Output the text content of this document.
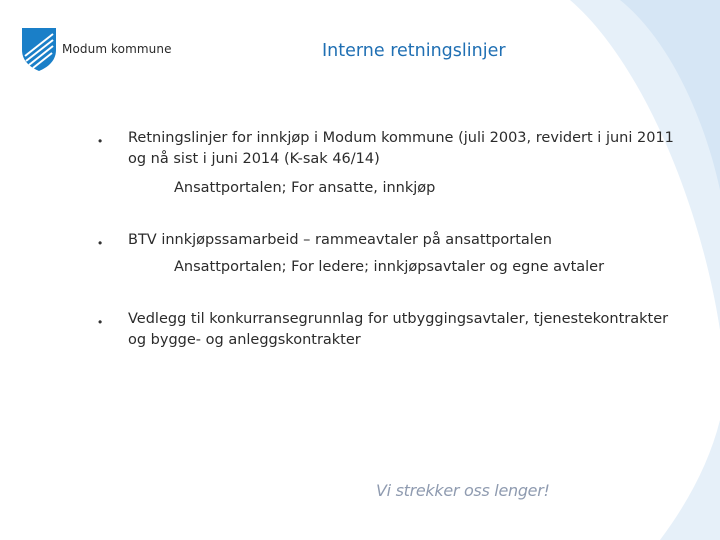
Modum kommune	Interne retningslinjer
• Retningslinjer for innkjøp i Modum kommune (juli 2003, revidert i juni 2011 og nå sist i juni 2014 (K-sak 46/14)
Ansattportalen; For ansatte, innkjøp
• BTV innkjøpssamarbeid – rammeavtaler på ansattportalen
Ansattportalen; For ledere; innkjøpsavtaler og egne avtaler
• Vedlegg til konkurransegrunnlag for utbyggingsavtaler, tjenestekontrakter og bygge- og anleggskontrakter
Vi strekker oss lenger!
